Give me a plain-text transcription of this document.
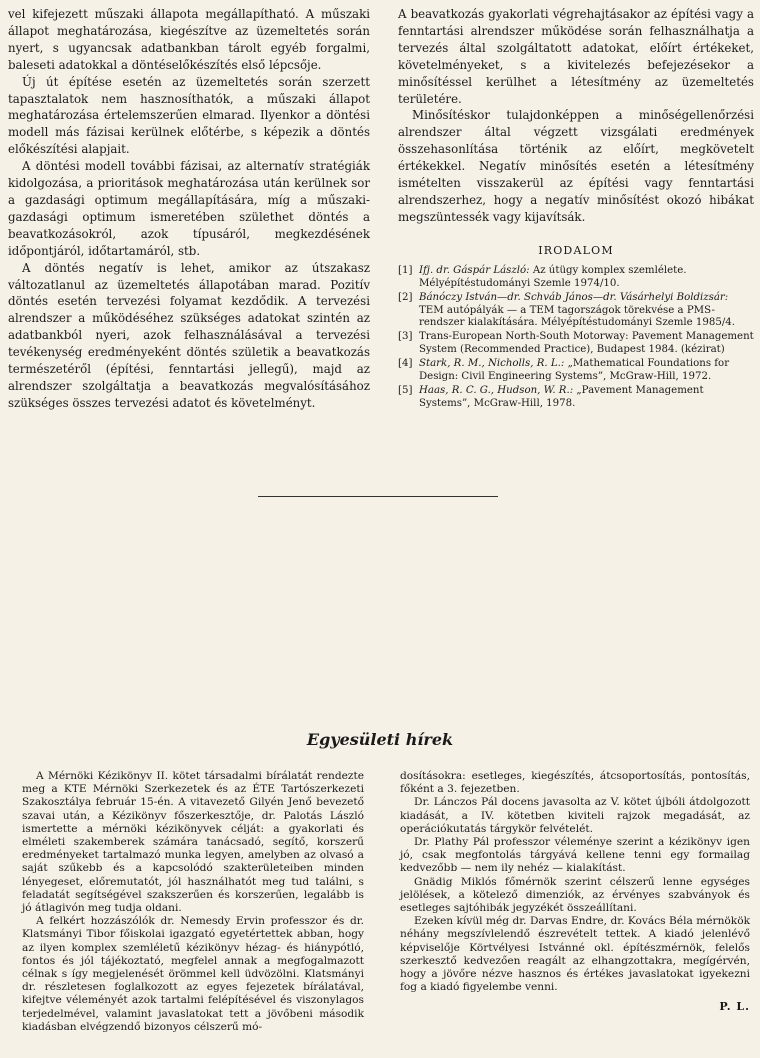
vel kifejezett műszaki állapota megállapítható. A műszaki állapot meghatározása, kiegészítve az üzemeltetés során nyert, s ugyancsak adatbankban tárolt egyéb forgalmi, baleseti adatokkal a döntéselőkészítés első lépcsője.

Új út építése esetén az üzemeltetés során szerzett tapasztalatok nem hasznosíthatók, a műszaki állapot meghatározása értelemszerűen elmarad. Ilyenkor a döntési modell más fázisai kerülnek előtérbe, s képezik a döntés előkészítési alapjait.

A döntési modell további fázisai, az alternatív stratégiák kidolgozása, a prioritások meghatározása után kerülnek sor a gazdasági optimum megállapítására, míg a műszaki-gazdasági optimum ismeretében születhet döntés a beavatkozásokról, azok típusáról, megkezdésének időpontjáról, időtartamáról, stb.

A döntés negatív is lehet, amikor az útszakasz változatlanul az üzemeltetés állapotában marad. Pozitív döntés esetén tervezési folyamat kezdődik. A tervezési alrendszer a működéséhez szükséges adatokat szintén az adatbankból nyeri, azok felhasználásával a tervezési tevékenység eredményeként döntés születik a beavatkozás természetéről (építési, fenntartási jellegű), majd az alrendszer szolgáltatja a beavatkozás megvalósításához szükséges összes tervezési adatot és követelményt.

A beavatkozás gyakorlati végrehajtásakor az építési vagy a fenntartási alrendszer működése során felhasználhatja a tervezés által szolgáltatott adatokat, előírt értékeket, követelményeket, s a kivitelezés befejezésekor a minősítéssel kerülhet a létesítmény az üzemeltetés területére.

Minősítéskor tulajdonképpen a minőségellenőrzési alrendszer által végzett vizsgálati eredmények összehasonlítása történik az előírt, megkövetelt értékekkel. Negatív minősítés esetén a létesítmény ismételten visszakerül az építési vagy fenntartási alrendszerhez, hogy a negatív minősítést okozó hibákat megszüntessék vagy kijavítsák.

IRODALOM
[1] Ifj. dr. Gáspár László: Az útügy komplex szemlélete. Mélyépítéstudományi Szemle 1974/10.
[2] Bánóczy István—dr. Schváb János—dr. Vásárhelyi Boldizsár: TEM autópályák — a TEM tagországok törekvése a PMS-rendszer kialakítására. Mélyépítéstudományi Szemle 1985/4.
[3] Trans-European North-South Motorway: Pavement Management System (Recommended Practice), Budapest 1984. (kézirat)
[4] Stark, R. M., Nicholls, R. L.: „Mathematical Foundations for Design: Civil Engineering Systems”, McGraw-Hill, 1972.
[5] Haas, R. C. G., Hudson, W. R.: „Pavement Management Systems”, McGraw-Hill, 1978.
Egyesületi hírek

A Mérnöki Kézikönyv II. kötet társadalmi bírálatát rendezte meg a KTE Mérnöki Szerkezetek és az ÉTE Tartószerkezeti Szakosztálya február 15-én. A vitavezető Gilyén Jenő bevezető szavai után, a Kézikönyv főszerkesztője, dr. Palotás László ismertette a mérnöki kézikönyvek célját: a gyakorlati és elméleti szakemberek számára tanácsadó, segítő, korszerű eredményeket tartalmazó munka legyen, amelyben az olvasó a saját szűkebb és a kapcsolódó szakterületeiben minden lényegeset, előremutatót, jól használhatót meg tud találni, s feladatát segítségével szakszerűen és korszerűen, legalább is jó átlagivón meg tudja oldani.

A felkért hozzászólók dr. Nemesdy Ervin professzor és dr. Klatsmányi Tibor főiskolai igazgató egyetértettek abban, hogy az ilyen komplex szemléletű kézikönyv hézag- és hiánypótló, fontos és jól tájékoztató, megfelel annak a megfogalmazott célnak s így megjelenését örömmel kell üdvözölni. Klatsmányi dr. részletesen foglalkozott az egyes fejezetek bírálatával, kifejtve véleményét azok tartalmi felépítésével és viszonylagos terjedelmével, valamint javaslatokat tett a jövőbeni második kiadásban elvégzendő bizonyos célszerű mó-

dosításokra: esetleges, kiegészítés, átcsoportosítás, pontosítás, főként a 3. fejezetben.

Dr. Lánczos Pál docens javasolta az V. kötet újbóli átdolgozott kiadását, a IV. kötetben kiviteli rajzok megadását, az operációkutatás tárgykör felvételét.

Dr. Plathy Pál professzor véleménye szerint a kézikönyv igen jó, csak megfontolás tárgyává kellene tenni egy formailag kedvezőbb — nem ily nehéz — kialakítást.

Gnädig Miklós főmérnök szerint célszerű lenne egységes jelölések, a kötelező dimenziók, az érvényes szabványok és esetleges sajtóhibák jegyzékét összeállítani.

Ezeken kívül még dr. Darvas Endre, dr. Kovács Béla mérnökök néhány megszívlelendő észrevételt tettek. A kiadó jelenlévő képviselője Körtvélyesi Istvánné okl. építészmérnök, felelős szerkesztő kedvezően reagált az elhangzottakra, megígérvén, hogy a jövőre nézve hasznos és értékes javaslatokat igyekezni fog a kiadó figyelembe venni.

P. L.
